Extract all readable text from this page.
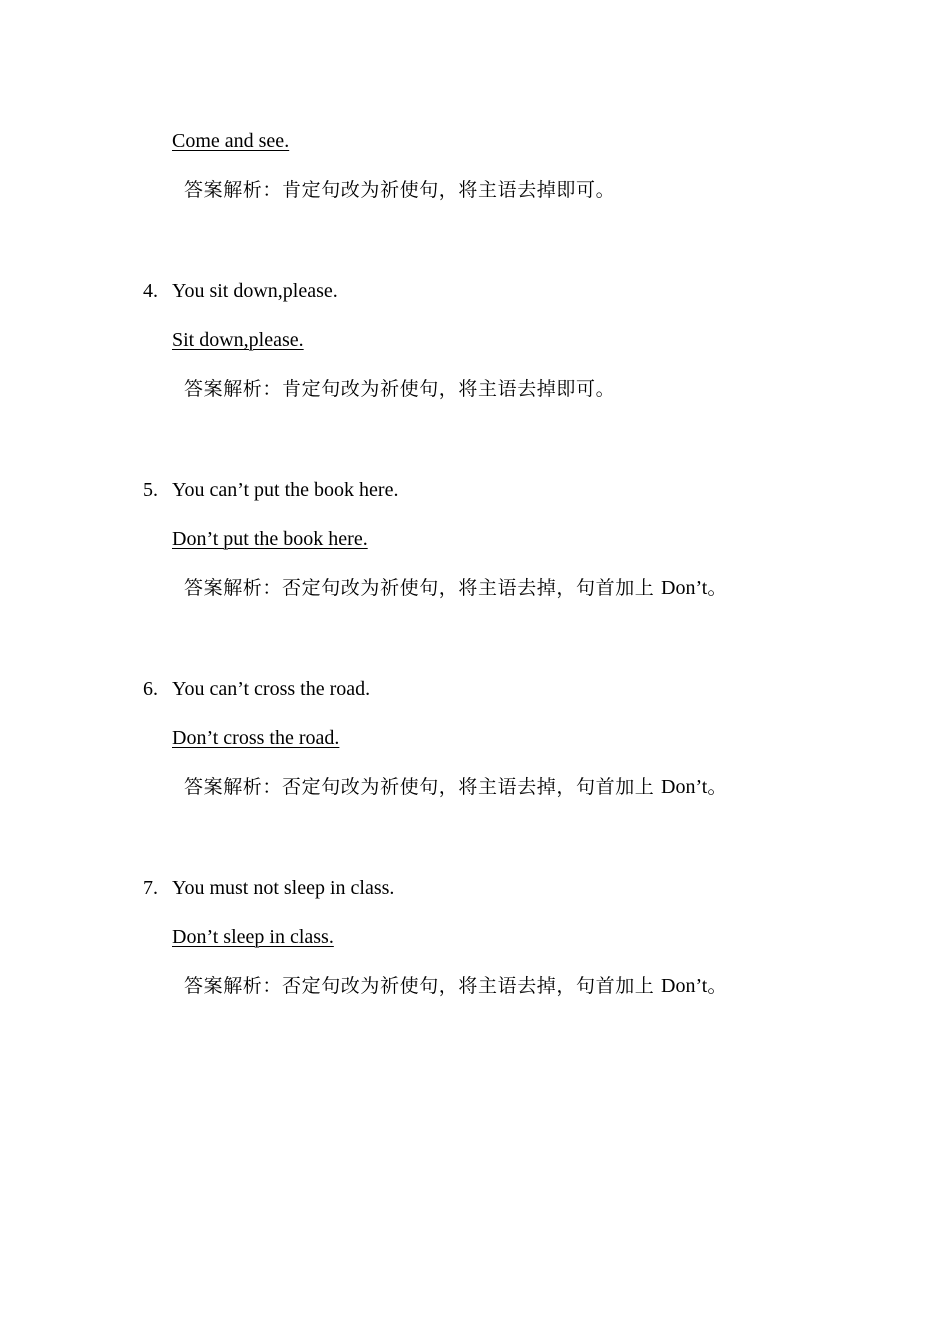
Come and see.
答案解析：肯定句改为祈使句，将主语去掉即可。
4. You sit down,please.
Sit down,please.
答案解析：肯定句改为祈使句，将主语去掉即可。
5. You can’t put the book here.
Don’t put the book here.
答案解析：否定句改为祈使句，将主语去掉，句首加上 Don’t。
6. You can’t cross the road.
Don’t cross the road.
答案解析：否定句改为祈使句，将主语去掉，句首加上 Don’t。
7. You must not sleep in class.
Don’t sleep in class.
答案解析：否定句改为祈使句，将主语去掉，句首加上 Don’t。
